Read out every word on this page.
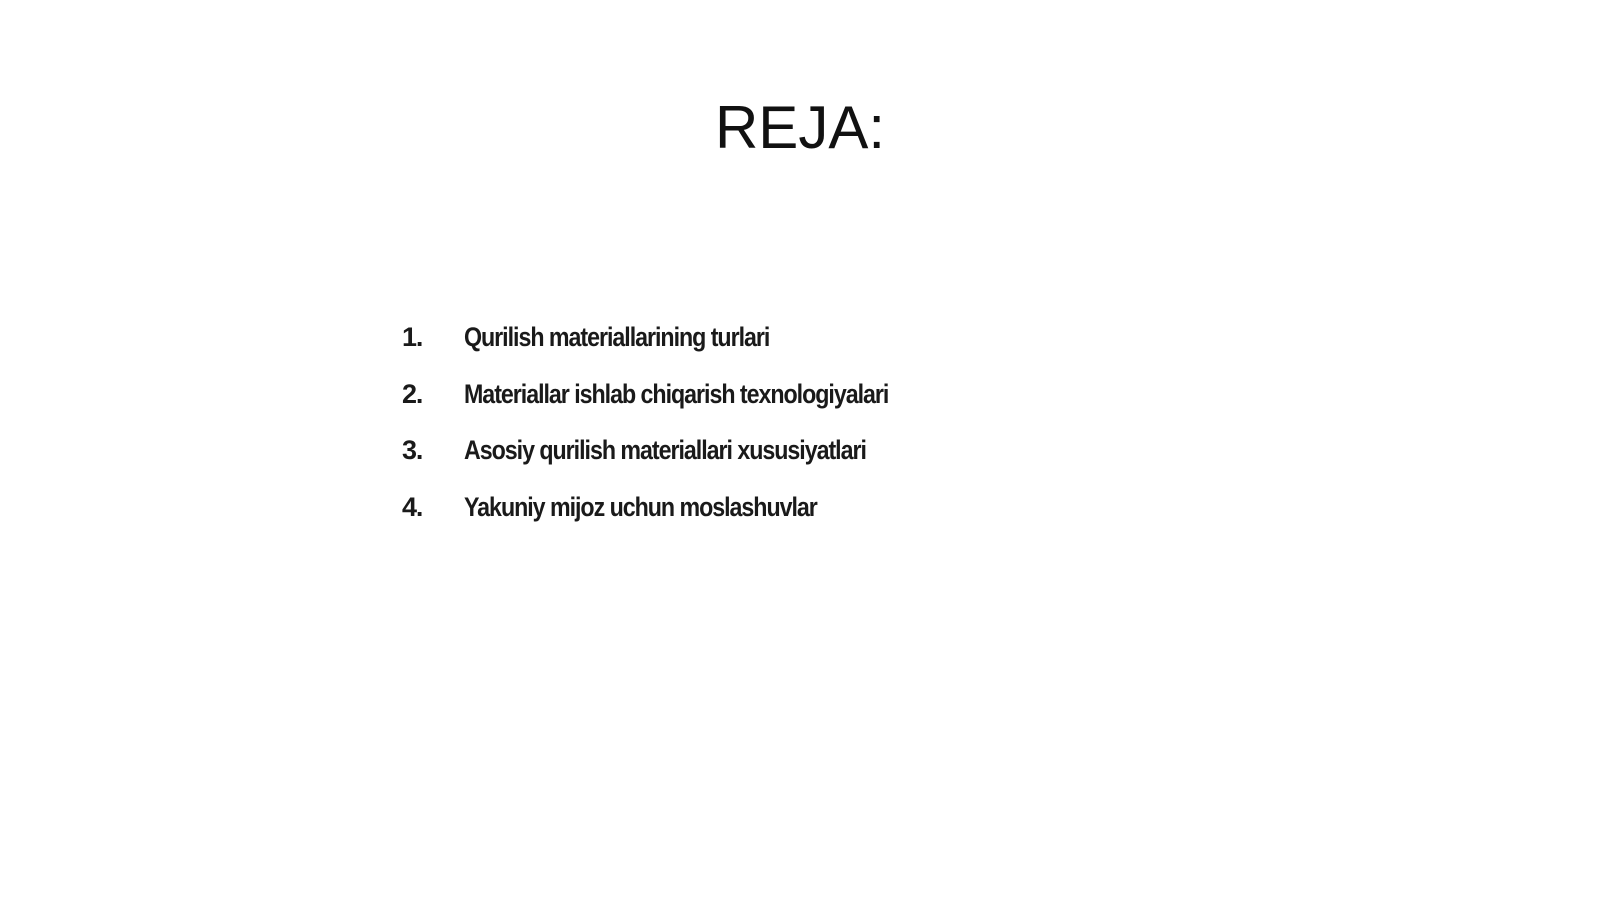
REJA:
1.	Qurilish materiallarining turlari
2.	Materiallar ishlab chiqarish texnologiyalari
3.	Asosiy qurilish materiallari xususiyatlari
4.	Yakuniy mijoz uchun moslashuvlar
